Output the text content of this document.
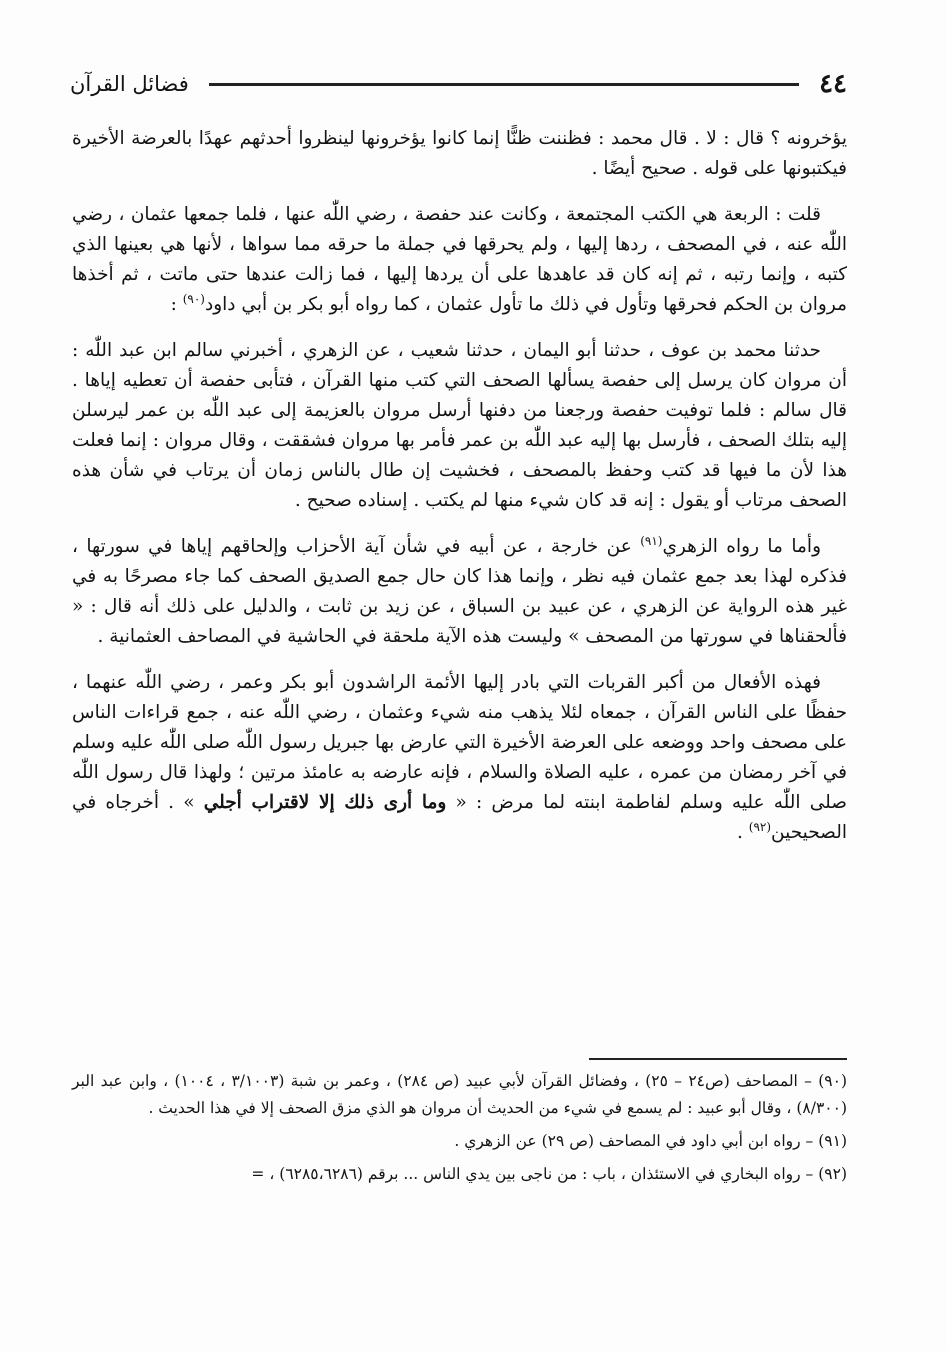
٤٤
فضائل القرآن

يؤخرونه ؟ قال : لا . قال محمد : فظننت ظنًّا إنما كانوا يؤخرونها لينظروا أحدثهم عهدًا بالعرضة الأخيرة فيكتبونها على قوله . صحيح أيضًا .

قلت : الربعة هي الكتب المجتمعة ، وكانت عند حفصة ، رضي اللّٰه عنها ، فلما جمعها عثمان ، رضي اللّٰه عنه ، في المصحف ، ردها إليها ، ولم يحرقها في جملة ما حرقه مما سواها ، لأنها هي بعينها الذي كتبه ، وإنما رتبه ، ثم إنه كان قد عاهدها على أن يردها إليها ، فما زالت عندها حتى ماتت ، ثم أخذها مروان بن الحكم فحرقها وتأول في ذلك ما تأول عثمان ، كما رواه أبو بكر بن أبي داود$^{(٩٠)}$ :

حدثنا محمد بن عوف ، حدثنا أبو اليمان ، حدثنا شعيب ، عن الزهري ، أخبرني سالم ابن عبد اللّٰه : أن مروان كان يرسل إلى حفصة يسألها الصحف التي كتب منها القرآن ، فتأبى حفصة أن تعطيه إياها . قال سالم : فلما توفيت حفصة ورجعنا من دفنها أرسل مروان بالعزيمة إلى عبد اللّٰه بن عمر ليرسلن إليه بتلك الصحف ، فأرسل بها إليه عبد اللّٰه بن عمر فأمر بها مروان فشققت ، وقال مروان : إنما فعلت هذا لأن ما فيها قد كتب وحفظ بالمصحف ، فخشيت إن طال بالناس زمان أن يرتاب في شأن هذه الصحف مرتاب أو يقول : إنه قد كان شيء منها لم يكتب . إسناده صحيح .

وأما ما رواه الزهري$^{(٩١)}$ عن خارجة ، عن أبيه في شأن آية الأحزاب وإلحاقهم إياها في سورتها ، فذكره لهذا بعد جمع عثمان فيه نظر ، وإنما هذا كان حال جمع الصديق الصحف كما جاء مصرحًا به في غير هذه الرواية عن الزهري ، عن عبيد بن السباق ، عن زيد بن ثابت ، والدليل على ذلك أنه قال : « فألحقناها في سورتها من المصحف » وليست هذه الآية ملحقة في الحاشية في المصاحف العثمانية .

فهذه الأفعال من أكبر القربات التي بادر إليها الأئمة الراشدون أبو بكر وعمر ، رضي اللّٰه عنهما ، حفظًا على الناس القرآن ، جمعاه لئلا يذهب منه شيء وعثمان ، رضي اللّٰه عنه ، جمع قراءات الناس على مصحف واحد ووضعه على العرضة الأخيرة التي عارض بها جبريل رسول اللّٰه صلى اللّٰه عليه وسلم في آخر رمضان من عمره ، عليه الصلاة والسلام ، فإنه عارضه به عامئذ مرتين ؛ ولهذا قال رسول اللّٰه صلى اللّٰه عليه وسلم لفاطمة ابنته لما مرض : « وما أرى ذلك إلا لاقتراب أجلي » . أخرجاه في الصحيحين$^{(٩٢)}$ .

(٩٠) – المصاحف (ص٢٤ – ٢٥) ، وفضائل القرآن لأبي عبيد (ص ٢٨٤) ، وعمر بن شبة (٣/١٠٠٣ ، ١٠٠٤) ، وابن عبد البر (٨/٣٠٠) ، وقال أبو عبيد : لم يسمع في شيء من الحديث أن مروان هو الذي مزق الصحف إلا في هذا الحديث .

(٩١) – رواه ابن أبي داود في المصاحف (ص ٢٩) عن الزهري .

(٩٢) – رواه البخاري في الاستئذان ، باب : من ناجى بين يدي الناس ... برقم (٦٢٨٥،٦٢٨٦) ، =
